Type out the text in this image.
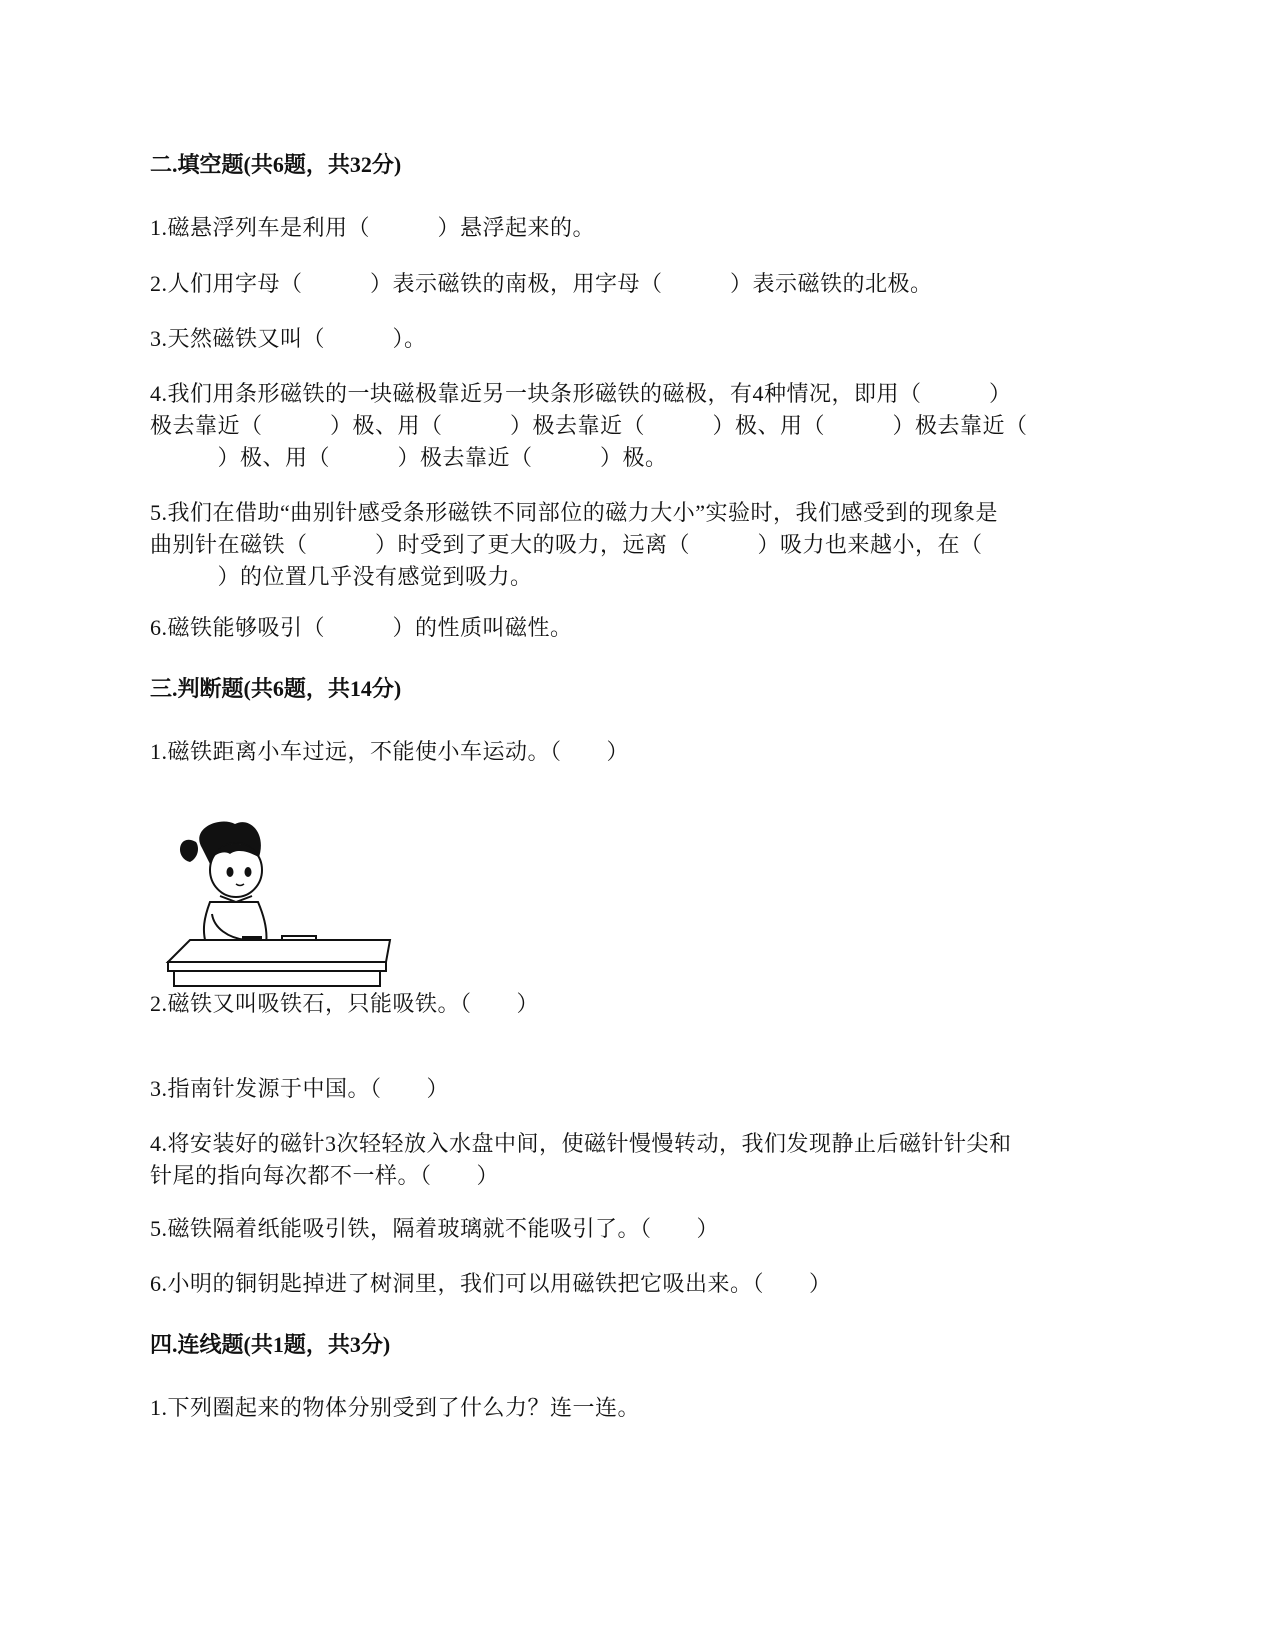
二.填空题(共6题，共32分)
1.磁悬浮列车是利用（　　　）悬浮起来的。
2.人们用字母（　　　）表示磁铁的南极，用字母（　　　）表示磁铁的北极。
3.天然磁铁又叫（　　　）。
4.我们用条形磁铁的一块磁极靠近另一块条形磁铁的磁极，有4种情况，即用（　　　）
极去靠近（　　　）极、用（　　　）极去靠近（　　　）极、用（　　　）极去靠近（
　　　）极、用（　　　）极去靠近（　　　）极。
5.我们在借助“曲别针感受条形磁铁不同部位的磁力大小”实验时，我们感受到的现象是
曲别针在磁铁（　　　）时受到了更大的吸力，远离（　　　）吸力也来越小，在（
　　　）的位置几乎没有感觉到吸力。
6.磁铁能够吸引（　　　）的性质叫磁性。
三.判断题(共6题，共14分)
1.磁铁距离小车过远，不能使小车运动。（　　）
2.磁铁又叫吸铁石，只能吸铁。（　　）
3.指南针发源于中国。（　　）
4.将安装好的磁针3次轻轻放入水盘中间，使磁针慢慢转动，我们发现静止后磁针针尖和
针尾的指向每次都不一样。（　　）
5.磁铁隔着纸能吸引铁，隔着玻璃就不能吸引了。（　　）
6.小明的铜钥匙掉进了树洞里，我们可以用磁铁把它吸出来。（　　）
四.连线题(共1题，共3分)
1.下列圈起来的物体分别受到了什么力？连一连。
